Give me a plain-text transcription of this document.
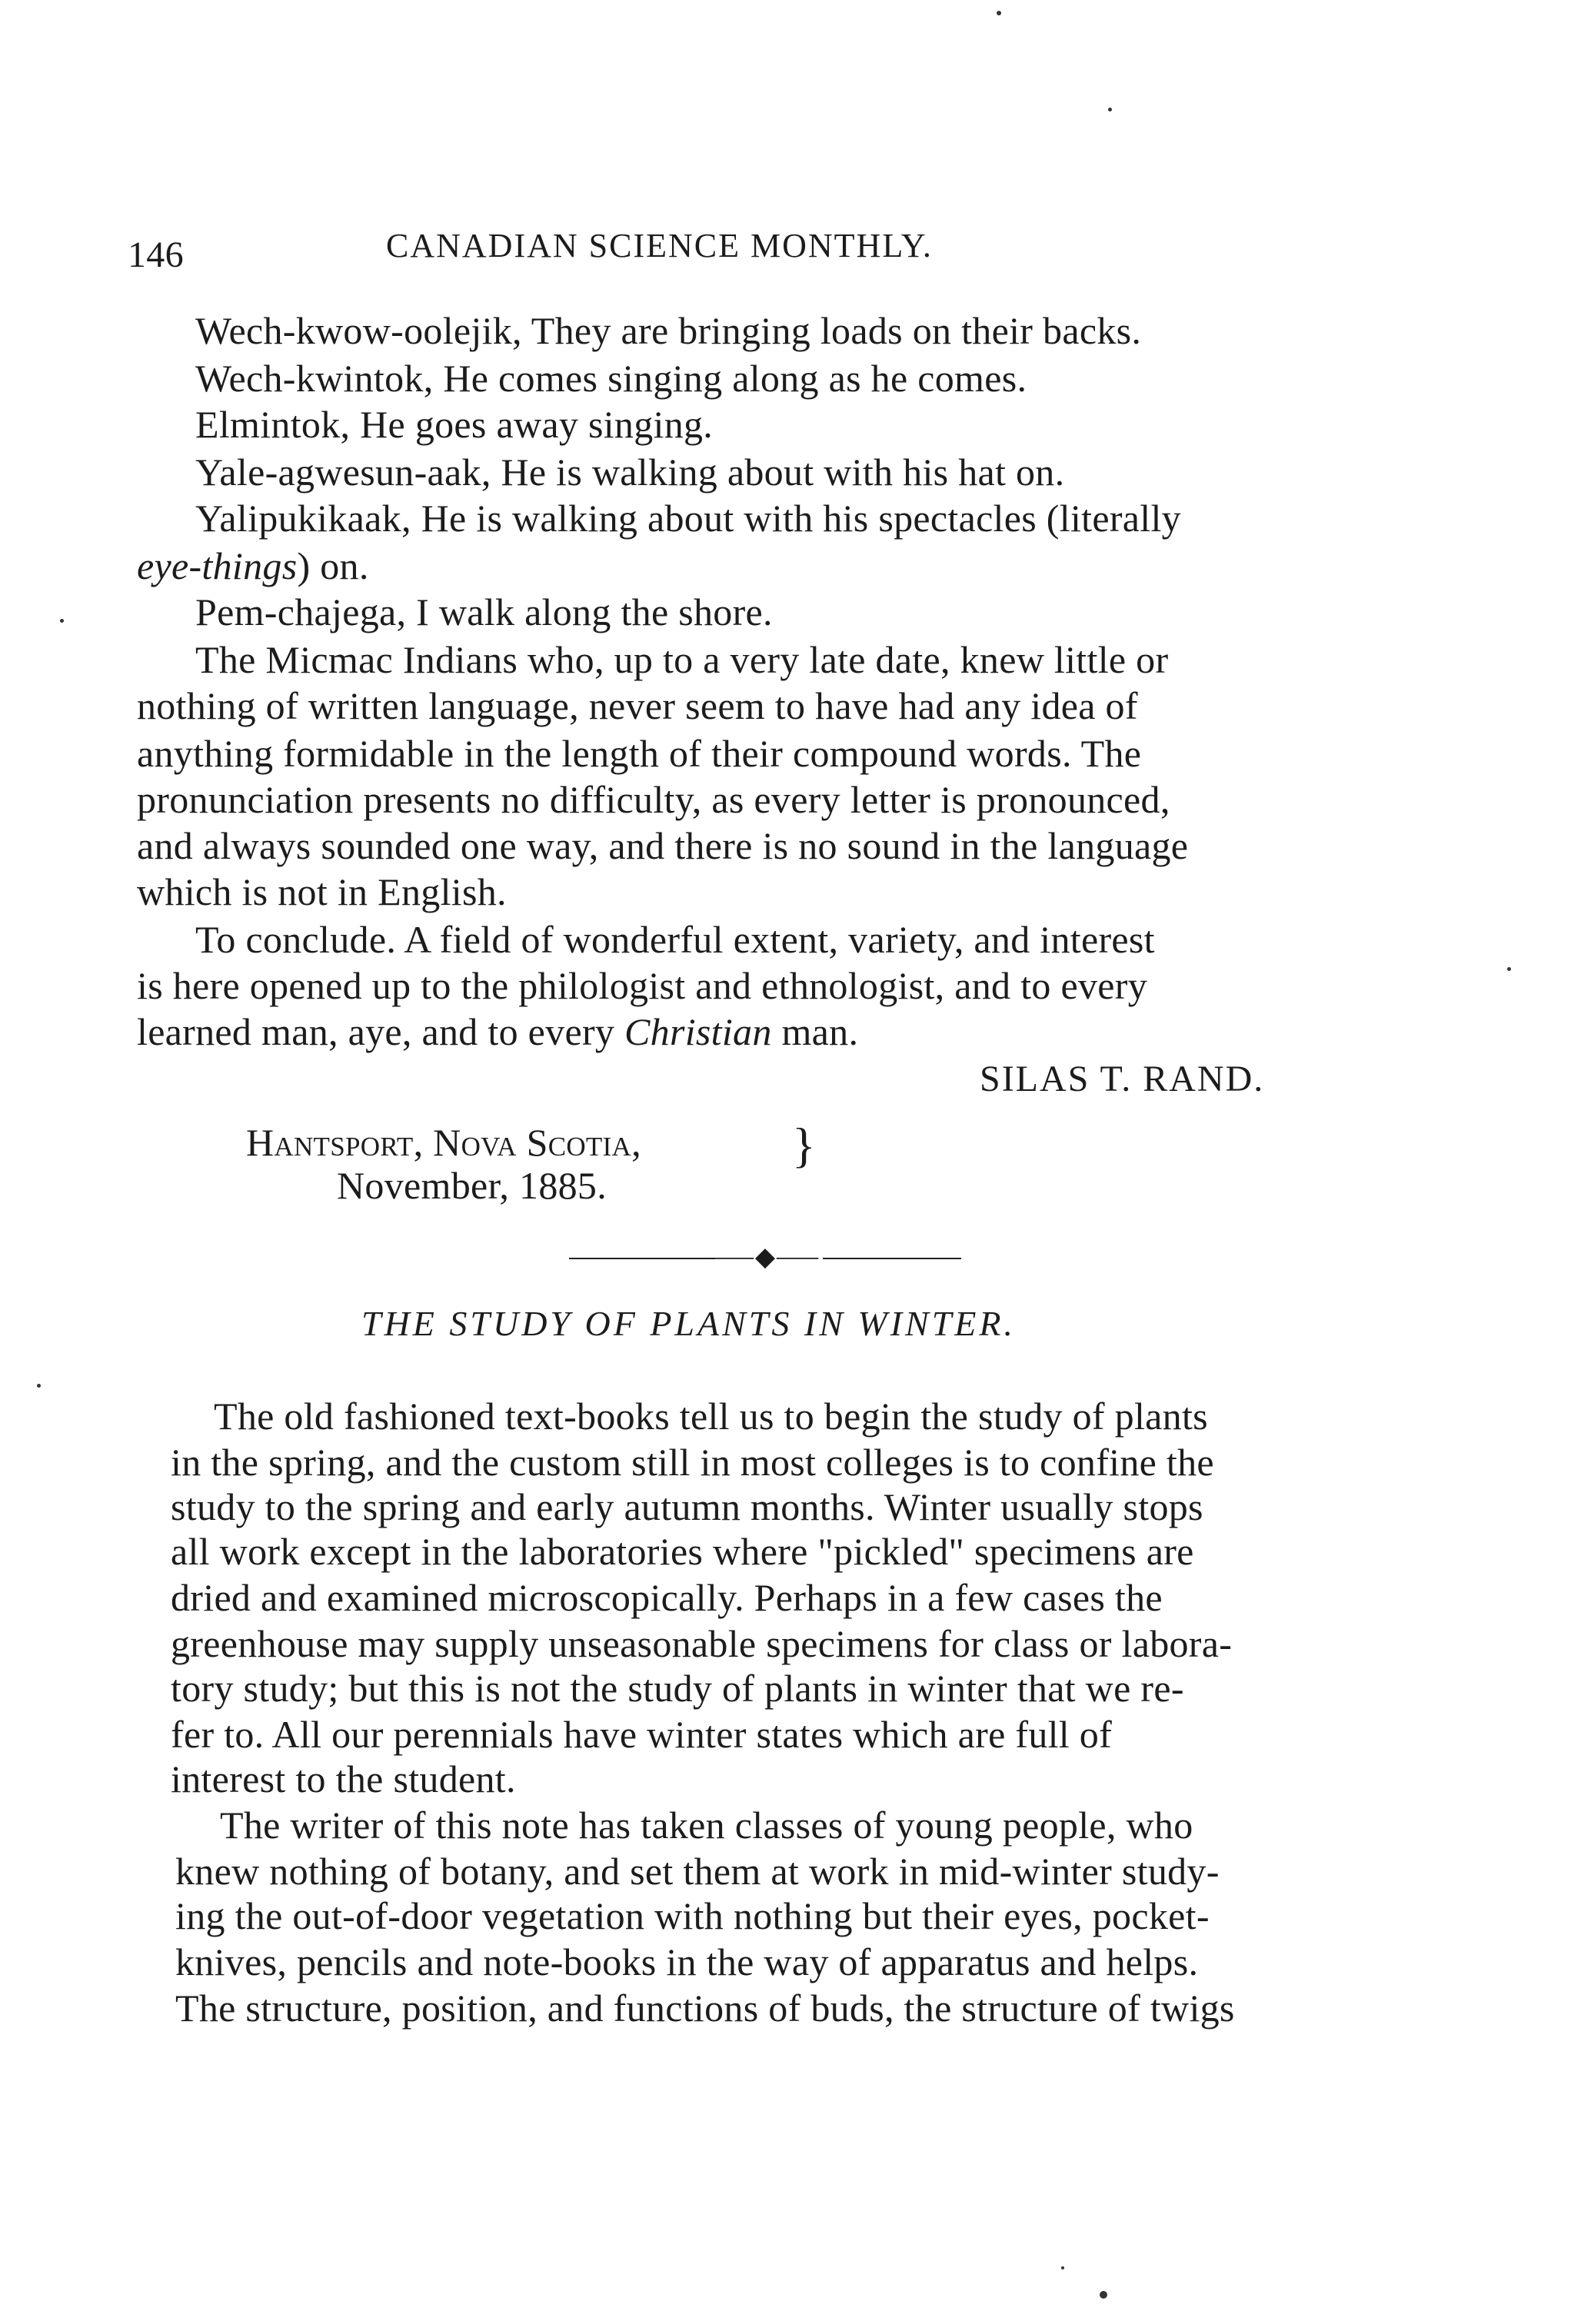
146	CANADIAN SCIENCE MONTHLY.
Wech-kwow-oolejik, They are bringing loads on their backs.
Wech-kwintok, He comes singing along as he comes.
Elmintok, He goes away singing.
Yale-agwesun-aak, He is walking about with his hat on.
Yalipukikaak, He is walking about with his spectacles (literally
eye-things) on.
Pem-chajega, I walk along the shore.
The Micmac Indians who, up to a very late date, knew little or
nothing of written language, never seem to have had any idea of
anything formidable in the length of their compound words. The
pronunciation presents no difficulty, as every letter is pronounced,
and always sounded one way, and there is no sound in the language
which is not in English.
To conclude. A field of wonderful extent, variety, and interest
is here opened up to the philologist and ethnologist, and to every
learned man, aye, and to every Christian man.
SILAS T. RAND.
Hantsport, Nova Scotia,
November, 1885.
}
⸺◆⸺
THE STUDY OF PLANTS IN WINTER.
The old fashioned text-books tell us to begin the study of plants
in the spring, and the custom still in most colleges is to confine the
study to the spring and early autumn months. Winter usually stops
all work except in the laboratories where "pickled" specimens are
dried and examined microscopically. Perhaps in a few cases the
greenhouse may supply unseasonable specimens for class or labora-
tory study; but this is not the study of plants in winter that we re-
fer to. All our perennials have winter states which are full of
interest to the student.
The writer of this note has taken classes of young people, who
knew nothing of botany, and set them at work in mid-winter study-
ing the out-of-door vegetation with nothing but their eyes, pocket-
knives, pencils and note-books in the way of apparatus and helps.
The structure, position, and functions of buds, the structure of twigs
